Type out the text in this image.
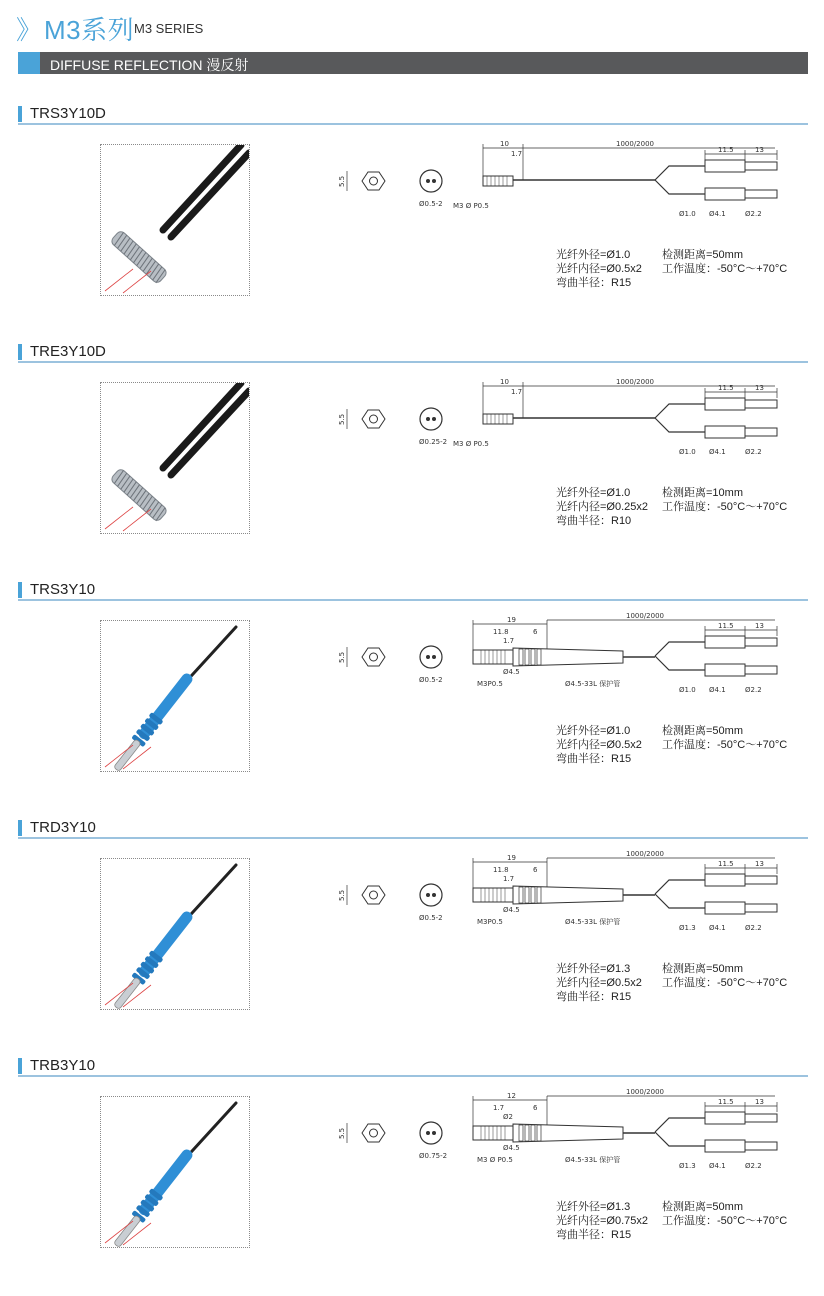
》 M3系列 M3 SERIES
DIFFUSE REFLECTION 漫反射
TRS3Y10D
5.5
Ø0.5-2
10
1.7
1000/2000
M3 Ø P0.5
11.5	13
Ø1.0 Ø4.1	Ø2.2
光纤外径=Ø1.0	检测距离=50mm
光纤内径=Ø0.5x2 工作温度：-50°C～+70°C
弯曲半径：R15
TRE3Y10D
5.5
Ø0.25-2
10
1.7
1000/2000
M3 Ø P0.5
11.5	13
Ø1.0 Ø4.1	Ø2.2
光纤外径=Ø1.0	检测距离=10mm
光纤内径=Ø0.25x2 工作温度：-50°C～+70°C
弯曲半径：R10
TRS3Y10
5.5
Ø0.5-2
19
11.8
1.7
6
1000/2000
Ø4.5
M3P0.5	Ø4.5-33L 保护管
11.5	13
Ø1.0 Ø4.1	Ø2.2
光纤外径=Ø1.0	检测距离=50mm
光纤内径=Ø0.5x2 工作温度：-50°C～+70°C
弯曲半径：R15
TRD3Y10
5.5
Ø0.5-2
19
11.8
1.7
6
1000/2000
Ø4.5
M3P0.5	Ø4.5-33L 保护管
11.5	13
Ø1.3 Ø4.1	Ø2.2
光纤外径=Ø1.3	检测距离=50mm
光纤内径=Ø0.5x2 工作温度：-50°C～+70°C
弯曲半径：R15
TRB3Y10
5.5
Ø0.75-2
12
1.7
Ø2
6
1000/2000
Ø4.5
M3 Ø P0.5	Ø4.5-33L 保护管
11.5	13
Ø1.3 Ø4.1	Ø2.2
光纤外径=Ø1.3	检测距离=50mm
光纤内径=Ø0.75x2 工作温度：-50°C～+70°C
弯曲半径：R15
